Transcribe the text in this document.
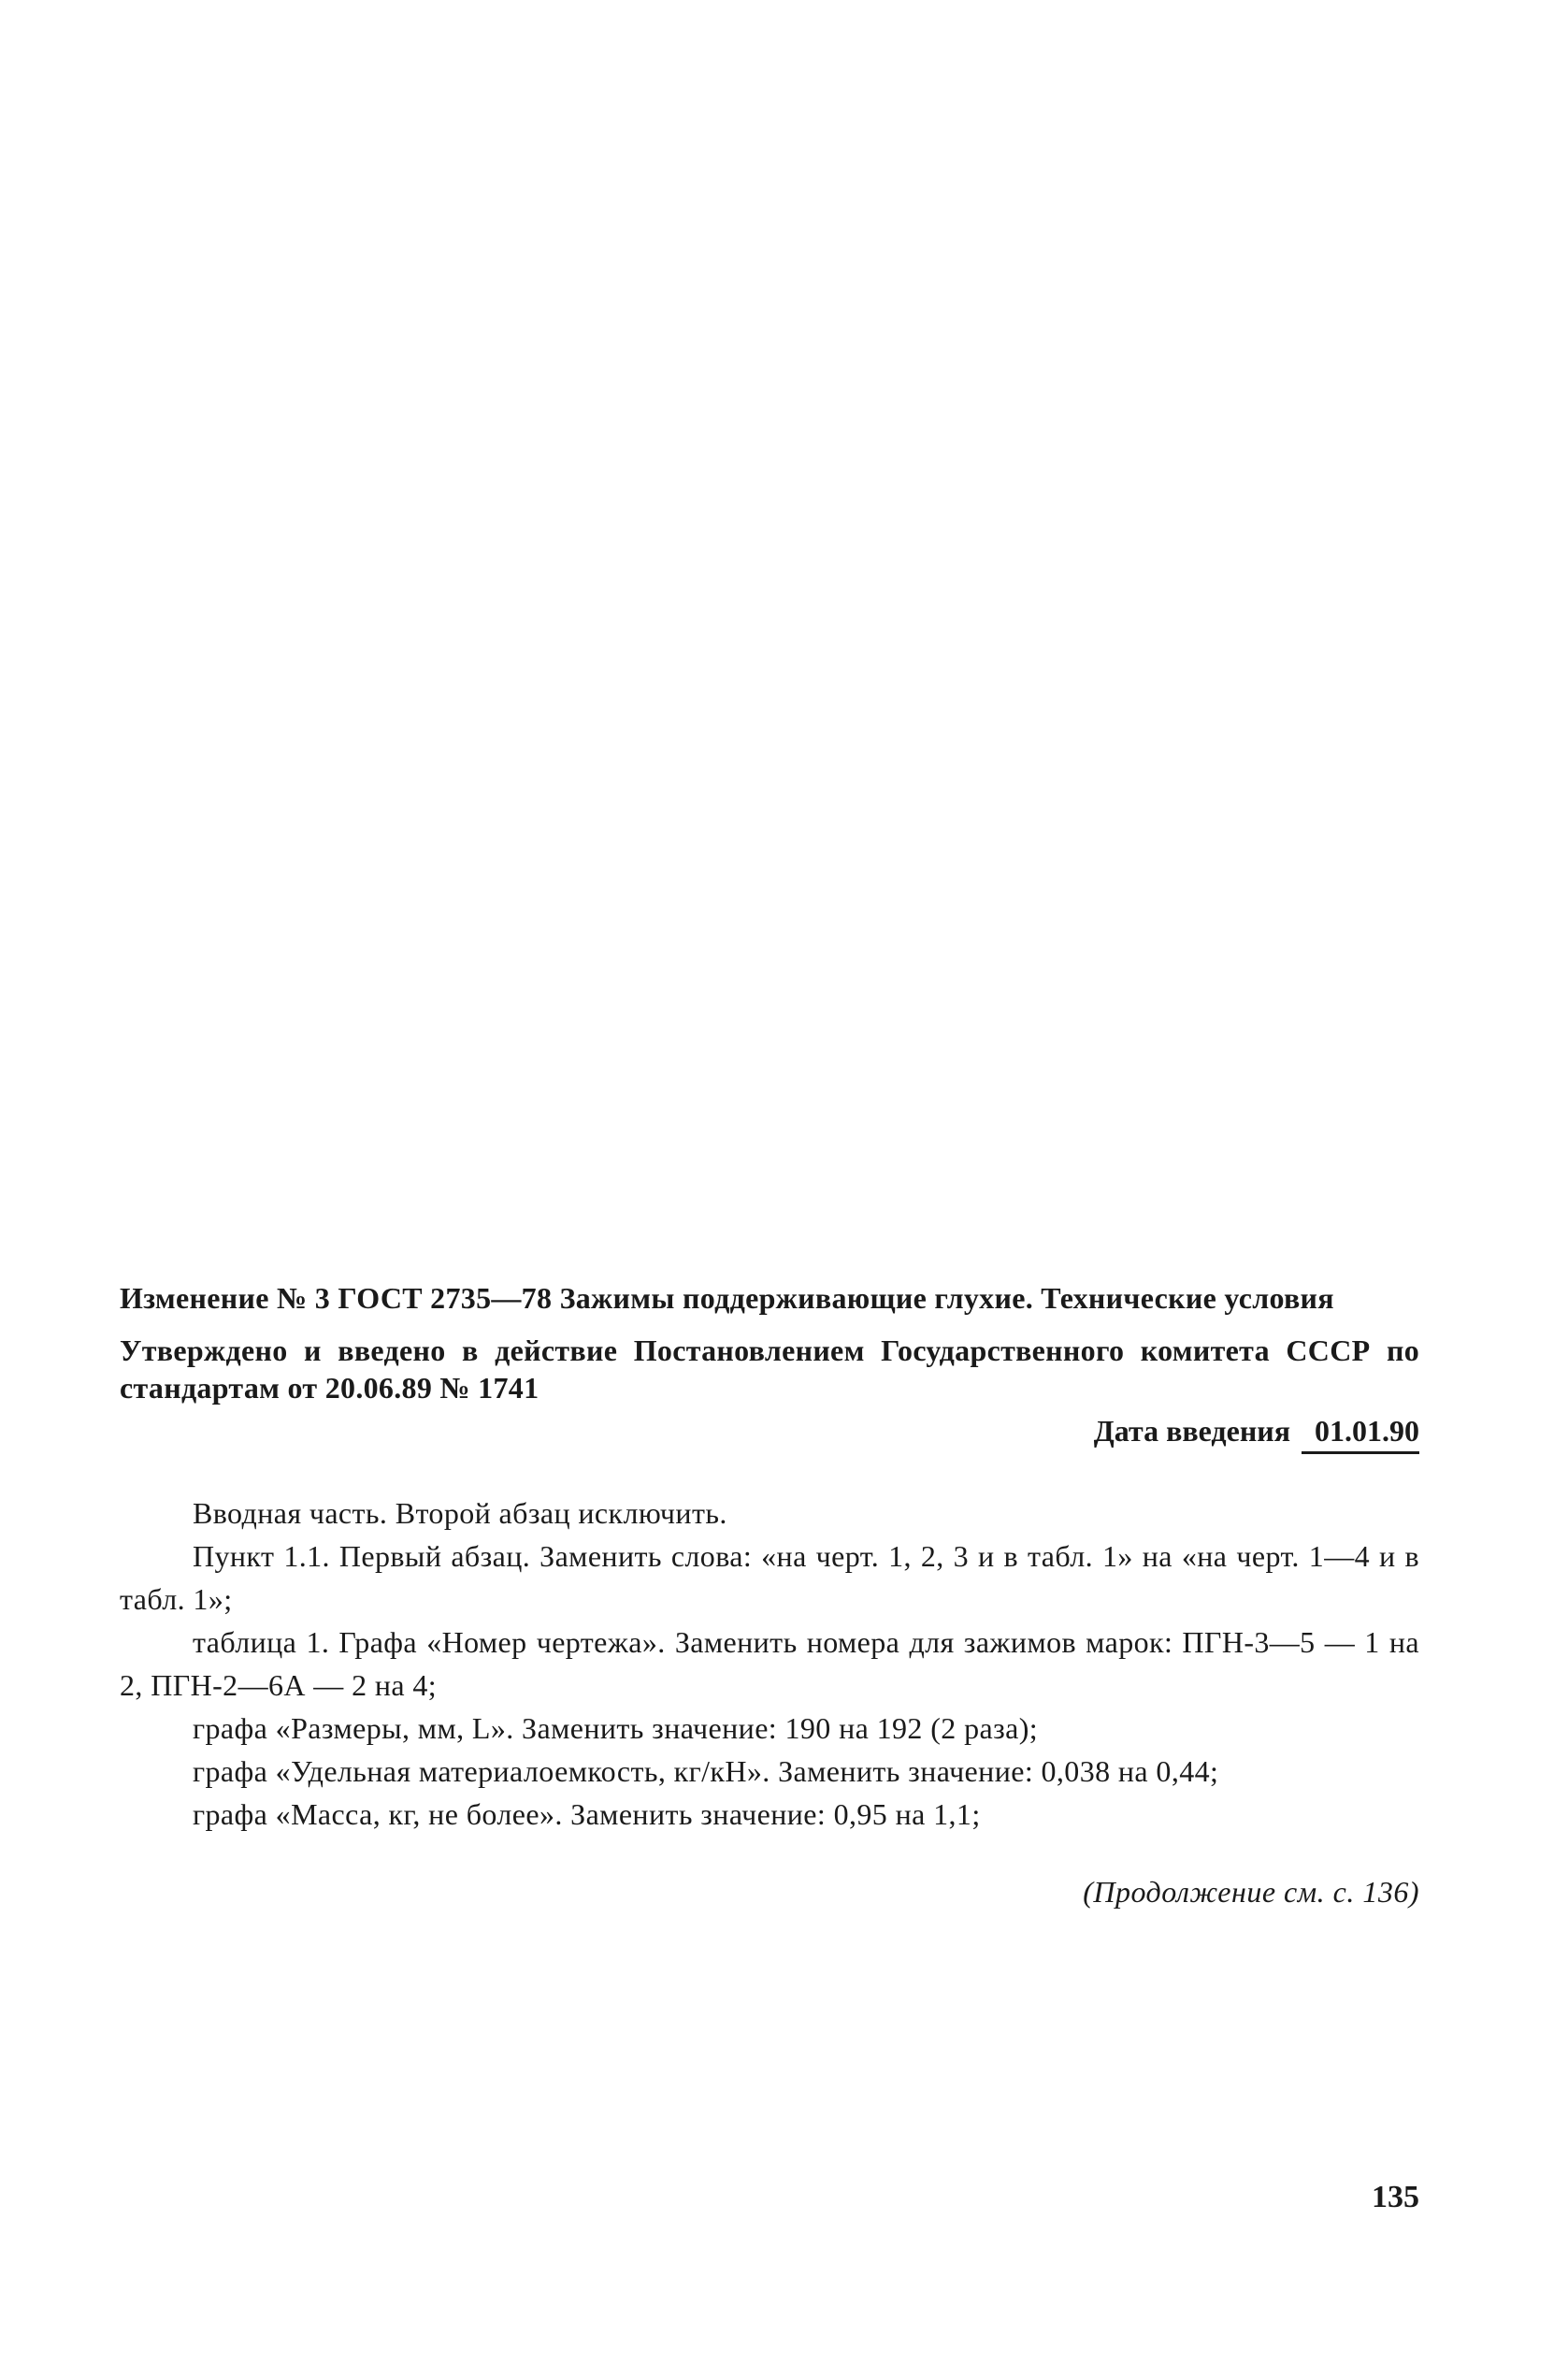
Изменение № 3 ГОСТ 2735—78 Зажимы поддерживающие глухие. Технические условия

Утверждено и введено в действие Постановлением Государственного комитета СССР по стандартам от 20.06.89 № 1741

Дата введения 01.01.90

Вводная часть. Второй абзац исключить.

Пункт 1.1. Первый абзац. Заменить слова: «на черт. 1, 2, 3 и в табл. 1» на «на черт. 1—4 и в табл. 1»;

таблица 1. Графа «Номер чертежа». Заменить номера для зажимов марок: ПГН-3—5 — 1 на 2, ПГН-2—6А — 2 на 4;

графа «Размеры, мм, L». Заменить значение: 190 на 192 (2 раза);

графа «Удельная материалоемкость, кг/кН». Заменить значение: 0,038 на 0,44;

графа «Масса, кг, не более». Заменить значение: 0,95 на 1,1;

(Продолжение см. с. 136)
135
